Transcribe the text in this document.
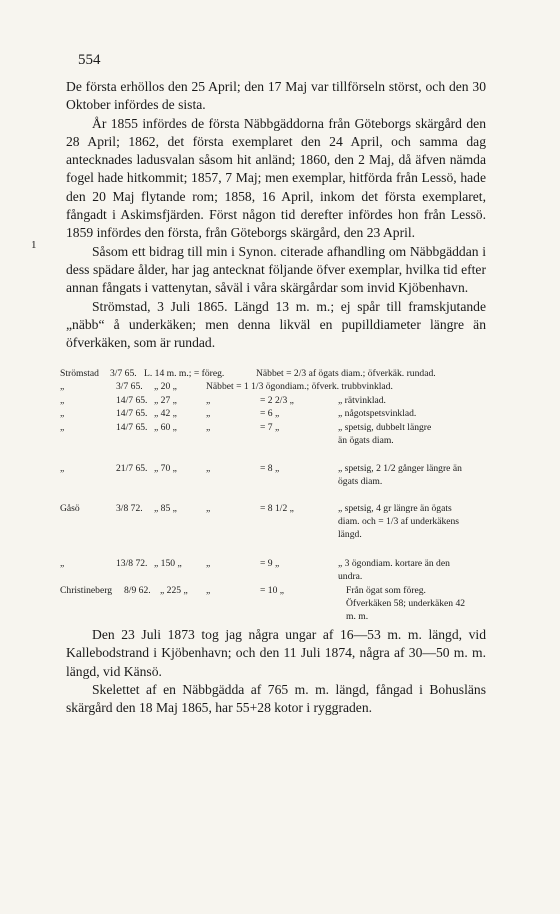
554
1

De första erhöllos den 25 April; den 17 Maj var tillförseln störst, och den 30 Oktober infördes de sista.

År 1855 infördes de första Näbbgäddorna från Göteborgs skärgård den 28 April; 1862, det första exemplaret den 24 April, och samma dag antecknades ladusvalan såsom hit anländ; 1860, den 2 Maj, då äfven nämda fogel hade hitkommit; 1857, 7 Maj; men exemplar, hitförda från Lessö, hade den 20 Maj flytande rom; 1858, 16 April, inkom det första exemplaret, fångadt i Askimsfjärden. Först någon tid derefter infördes hon från Lessö. 1859 infördes den första, från Göteborgs skärgård, den 23 April.

Såsom ett bidrag till min i Synon. citerade afhandling om Näbbgäddan i dess spädare ålder, har jag antecknat följande öfver exemplar, hvilka tid efter annan fångats i vattenytan, såväl i våra skärgårdar som invid Kjöbenhavn.

Strömstad, 3 Juli 1865. Längd 13 m. m.; ej spår till framskjutande „näbb“ å underkäken; men denna likväl en pupilldiameter längre än öfverkäken, som är rundad.

Strömstad 3/7 65. L. 14 m. m.; = föreg.	Näbbet = 2/3 af ögats diam.; öfverkäk. rundad.
„	3/7 65. „ 20 „	Näbbet = 1 1/3 ögondiam.; öfverk. trubbvinklad.
„	14/7 65. „ 27 „	„	= 2 2/3 „	„ rätvinklad.
„	14/7 65. „ 42 „	„	= 6 „	„ någotspetsvinklad.
„	14/7 65. „ 60 „	„	= 7 „	„ spetsig, dubbelt längre än ögats diam.
„	21/7 65. „ 70 „	„	= 8 „	„ spetsig, 2 1/2 gånger längre än ögats diam.
Gåsö	3/8 72. „ 85 „	„	= 8 1/2 „	„ spetsig, 4 gr längre än ögats diam. och = 1/3 af underkäkens längd.
„	13/8 72. „ 150 „	„	= 9 „	„ 3 ögondiam. kortare än den undra.
Christineberg 8/9 62. „ 225 „ „	= 10 „	Från ögat som föreg. Öfverkäken 58; underkäken 42 m. m.

Den 23 Juli 1873 tog jag några ungar af 16—53 m. m. längd, vid Kallebodstrand i Kjöbenhavn; och den 11 Juli 1874, några af 30—50 m. m. längd, vid Känsö.

Skelettet af en Näbbgädda af 765 m. m. längd, fångad i Bohusläns skärgård den 18 Maj 1865, har 55+28 kotor i ryggraden.
